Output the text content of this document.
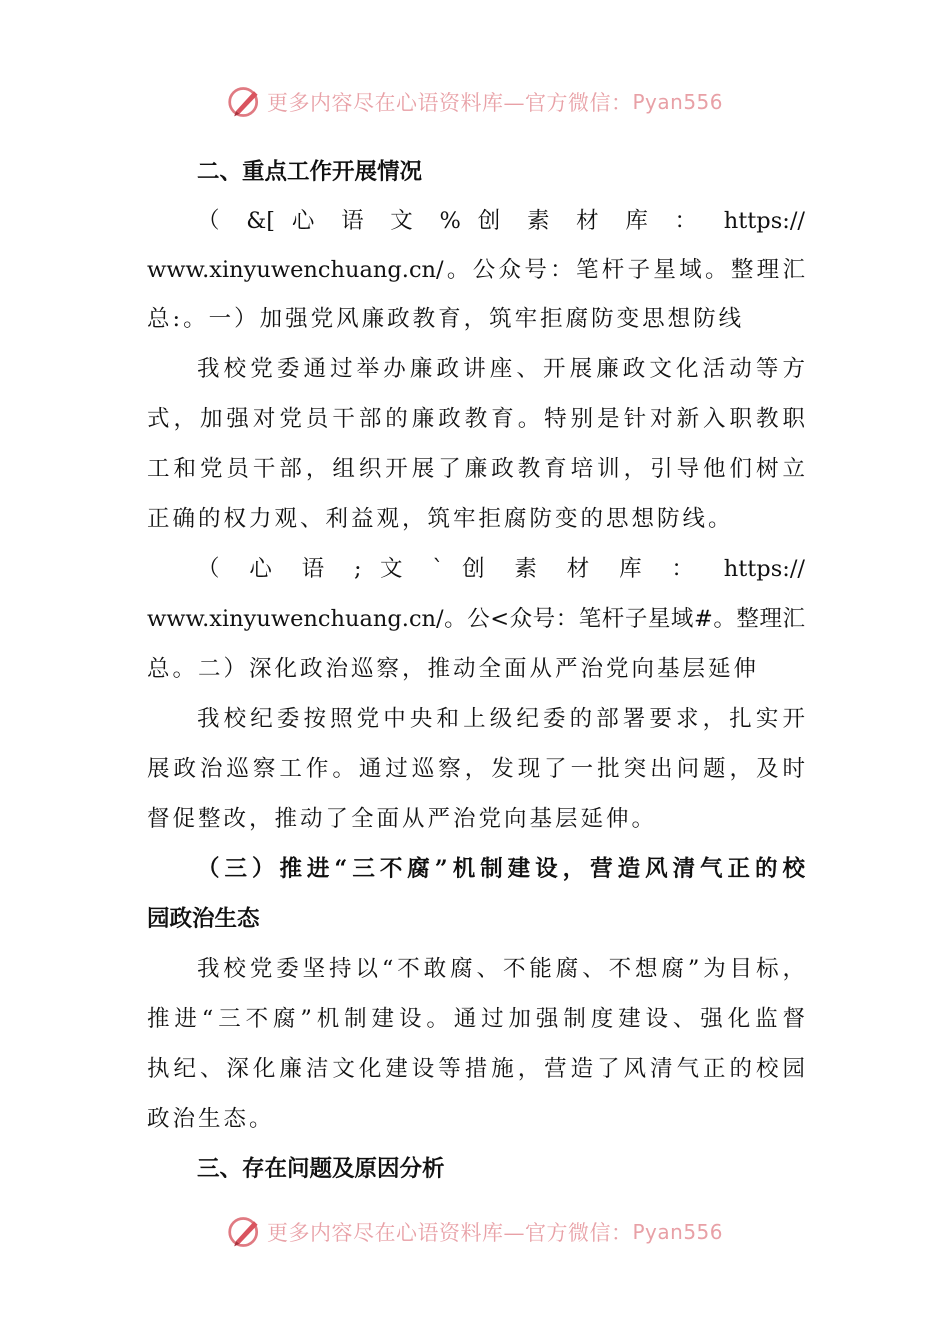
更多内容尽在心语资料库—官方微信： Pyan556
二、重点工作开展情况
（ &[ 心 语 文 % 创 素 材 库 ： https://
www.xinyuwenchuang.cn/。公众号：笔杆子星域。整理汇
总:。一）加强党风廉政教育，筑牢拒腐防变思想防线
我校党委通过举办廉政讲座、开展廉政文化活动等方
式，加强对党员干部的廉政教育。特别是针对新入职教职
工和党员干部，组织开展了廉政教育培训，引导他们树立
正确的权力观、利益观，筑牢拒腐防变的思想防线。
（ 心 语 ; 文 ` 创 素 材 库 ： https://
www.xinyuwenchuang.cn/。公<众号：笔杆子星域#。整理汇
总。二）深化政治巡察，推动全面从严治党向基层延伸
我校纪委按照党中央和上级纪委的部署要求，扎实开
展政治巡察工作。通过巡察，发现了一批突出问题，及时
督促整改，推动了全面从严治党向基层延伸。
（三）推进“三不腐”机制建设，营造风清气正的校
园政治生态
我校党委坚持以“不敢腐、不能腐、不想腐”为目标，
推进“三不腐”机制建设。通过加强制度建设、强化监督
执纪、深化廉洁文化建设等措施，营造了风清气正的校园
政治生态。
三、存在问题及原因分析
更多内容尽在心语资料库—官方微信： Pyan556
